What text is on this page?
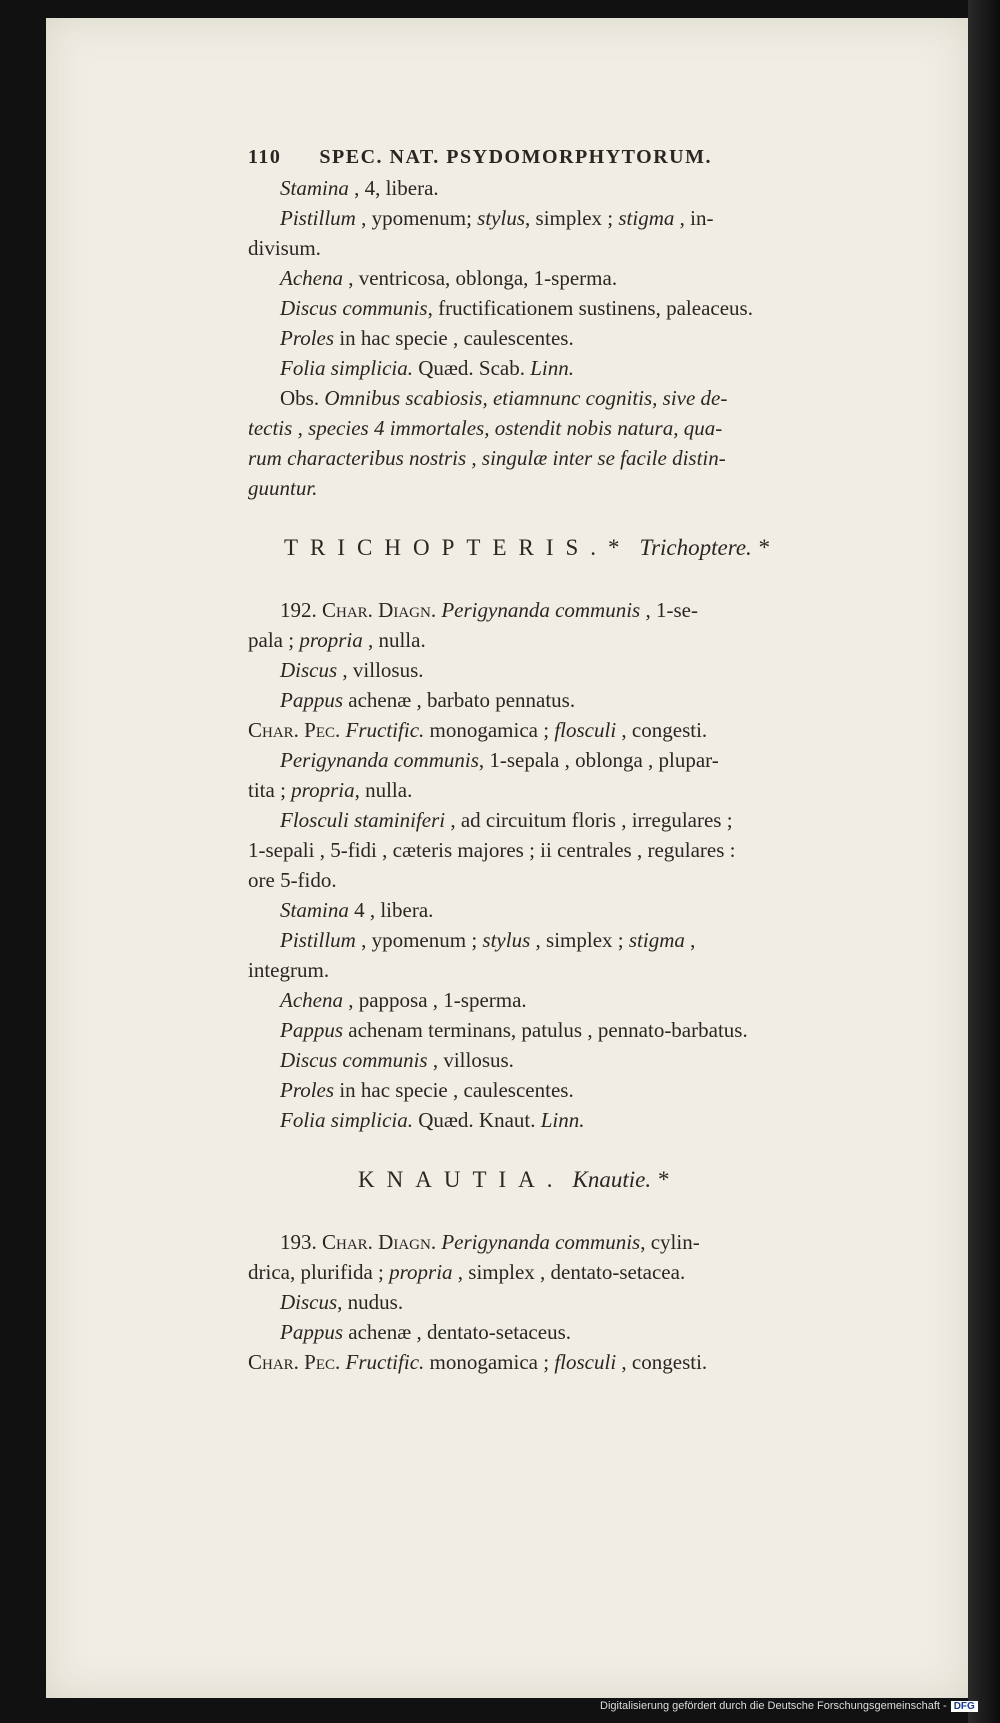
110 SPEC. NAT. PSYDOMORPHYTORUM.
Stamina , 4, libera.
Pistillum , ypomenum; stylus, simplex ; stigma , in-
divisum.
Achena , ventricosa, oblonga, 1-sperma.
Discus communis, fructificationem sustinens, paleaceus.
Proles in hac specie , caulescentes.
Folia simplicia. Quæd. Scab. Linn.
Obs. Omnibus scabiosis, etiamnunc cognitis, sive de-
tectis , species 4 immortales, ostendit nobis natura, qua-
rum characteribus nostris , singulæ inter se facile distin-
guuntur.
TRICHOPTERIS.* Trichoptere. *
192. Char. Diagn. Perigynanda communis , 1-se-
pala ; propria , nulla.
Discus , villosus.
Pappus achenæ , barbato pennatus.
Char. Pec. Fructific. monogamica ; flosculi , congesti.
Perigynanda communis, 1-sepala , oblonga , plupar-
tita ; propria, nulla.
Flosculi staminiferi , ad circuitum floris , irregulares ;
1-sepali , 5-fidi , cæteris majores ; ii centrales , regulares :
ore 5-fido.
Stamina 4 , libera.
Pistillum , ypomenum ; stylus , simplex ; stigma ,
integrum.
Achena , papposa , 1-sperma.
Pappus achenam terminans, patulus , pennato-barbatus.
Discus communis , villosus.
Proles in hac specie , caulescentes.
Folia simplicia. Quæd. Knaut. Linn.
KNAUTIA. Knautie. *
193. Char. Diagn. Perigynanda communis, cylin-
drica, plurifida ; propria , simplex , dentato-setacea.
Discus, nudus.
Pappus achenæ , dentato-setaceus.
Char. Pec. Fructific. monogamica ; flosculi , congesti.
Digitalisierung gefördert durch die Deutsche Forschungsgemeinschaft - DFG
